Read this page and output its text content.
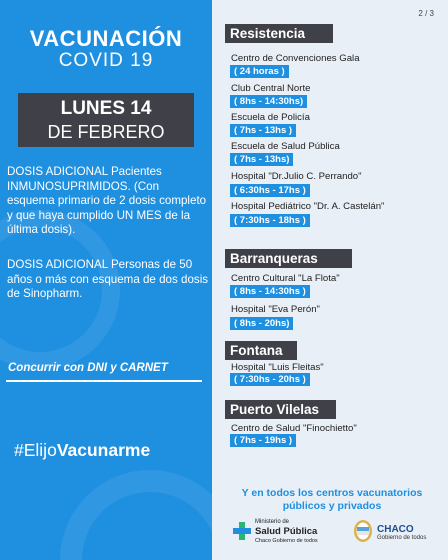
VACUNACIÓN
COVID 19
LUNES 14
DE FEBRERO
DOSIS ADICIONAL Pacientes INMUNOSUPRIMIDOS. (Con esquema primario de 2 dosis completo y que haya cumplido UN MES de la última dosis).
DOSIS ADICIONAL Personas de 50 años o más con esquema de dos dosis de Sinopharm.
Concurrir con DNI y CARNET
#ElijoVacunarme
2 / 3
Resistencia
Centro de Convenciones Gala
( 24 horas )
Club Central Norte
( 8hs - 14:30hs)
Escuela de Policía
( 7hs - 13hs )
Escuela de Salud Pública
( 7hs - 13hs)
Hospital "Dr.Julio C. Perrando"
( 6:30hs - 17hs )
Hospital Pediátrico "Dr. A. Castelán"
( 7:30hs - 18hs )
Barranqueras
Centro Cultural "La Flota"
( 8hs - 14:30hs )
Hospital "Eva Perón"
( 8hs - 20hs)
Fontana
Hospital "Luis Fleitas"
( 7:30hs - 20hs )
Puerto Vilelas
Centro de Salud "Finochietto"
( 7hs - 19hs )
Y en todos los centros vacunatorios
públicos y privados
Ministerio de
Salud Pública
Chaco Gobierno de todos
CHACO
Gobierno de todos
